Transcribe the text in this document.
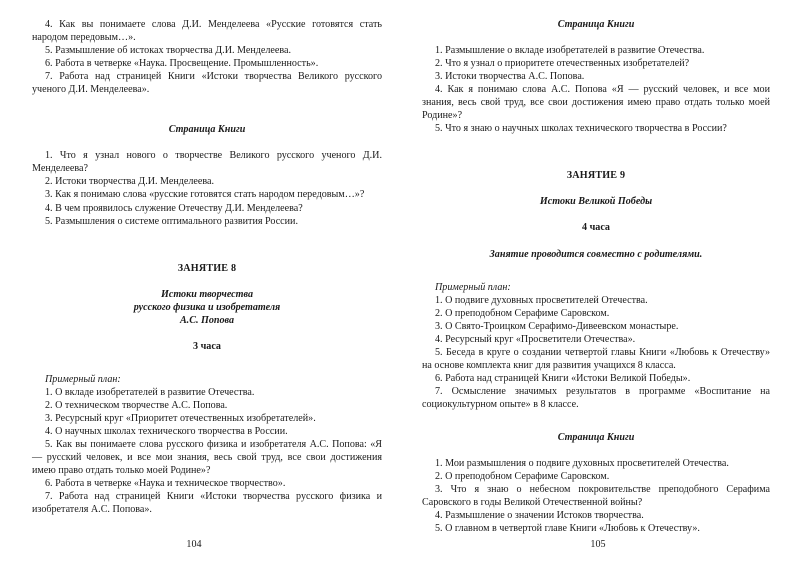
4. Как вы понимаете слова Д.И. Менделеева «Русские готовятся стать народом передовым…».

5. Размышление об истоках творчества Д.И. Менделеева.

6. Работа в четверке «Наука. Просвещение. Промышленность».

7. Работа над страницей Книги «Истоки творчества Великого русского ученого Д.И. Менделеева».

Страница Книги

1. Что я узнал нового о творчестве Великого русского ученого Д.И. Менделеева?

2. Истоки творчества Д.И. Менделеева.

3. Как я понимаю слова «русские готовятся стать народом передовым…»?

4. В чем проявилось служение Отечеству Д.И. Менделеева?

5. Размышления о системе оптимального развития России.

ЗАНЯТИЕ 8

Истоки творчества

русского физика и изобретателя

А.С. Попова

3 часа

Примерный план:

1. О вкладе изобретателей в развитие Отечества.

2. О техническом творчестве А.С. Попова.

3. Ресурсный круг «Приоритет отечественных изобретателей».

4. О научных школах технического творчества в России.

5. Как вы понимаете слова русского физика и изобретателя А.С. Попова: «Я — русский человек, и все мои знания, весь свой труд, все свои достижения имею право отдать только моей Родине»?

6. Работа в четверке «Наука и техническое творчество».

7. Работа над страницей Книги «Истоки творчества русского физика и изобретателя А.С. Попова».

104

Страница Книги

1. Размышление о вкладе изобретателей в развитие Отечества.

2. Что я узнал о приоритете отечественных изобретателей?

3. Истоки творчества А.С. Попова.

4. Как я понимаю слова А.С. Попова «Я — русский человек, и все мои знания, весь свой труд, все свои достижения имею право отдать только моей Родине»?

5. Что я знаю о научных школах технического творчества в России?

ЗАНЯТИЕ 9

Истоки Великой Победы

4 часа

Занятие проводится совместно с родителями.

Примерный план:

1. О подвиге духовных просветителей Отечества.

2. О преподобном Серафиме Саровском.

3. О Свято-Троицком Серафимо-Дивеевском монастыре.

4. Ресурсный круг «Просветители Отечества».

5. Беседа в круге о создании четвертой главы Книги «Любовь к Отечеству» на основе комплекта книг для развития учащихся 8 класса.

6. Работа над страницей Книги «Истоки Великой Победы».

7. Осмысление значимых результатов в программе «Воспитание на социокультурном опыте» в 8 классе.

Страница Книги

1. Мои размышления о подвиге духовных просветителей Отечества.

2. О преподобном Серафиме Саровском.

3. Что я знаю о небесном покровительстве преподобного Серафима Саровского в годы Великой Отечественной войны?

4. Размышление о значении Истоков творчества.

5. О главном в четвертой главе Книги «Любовь к Отечеству».

105
